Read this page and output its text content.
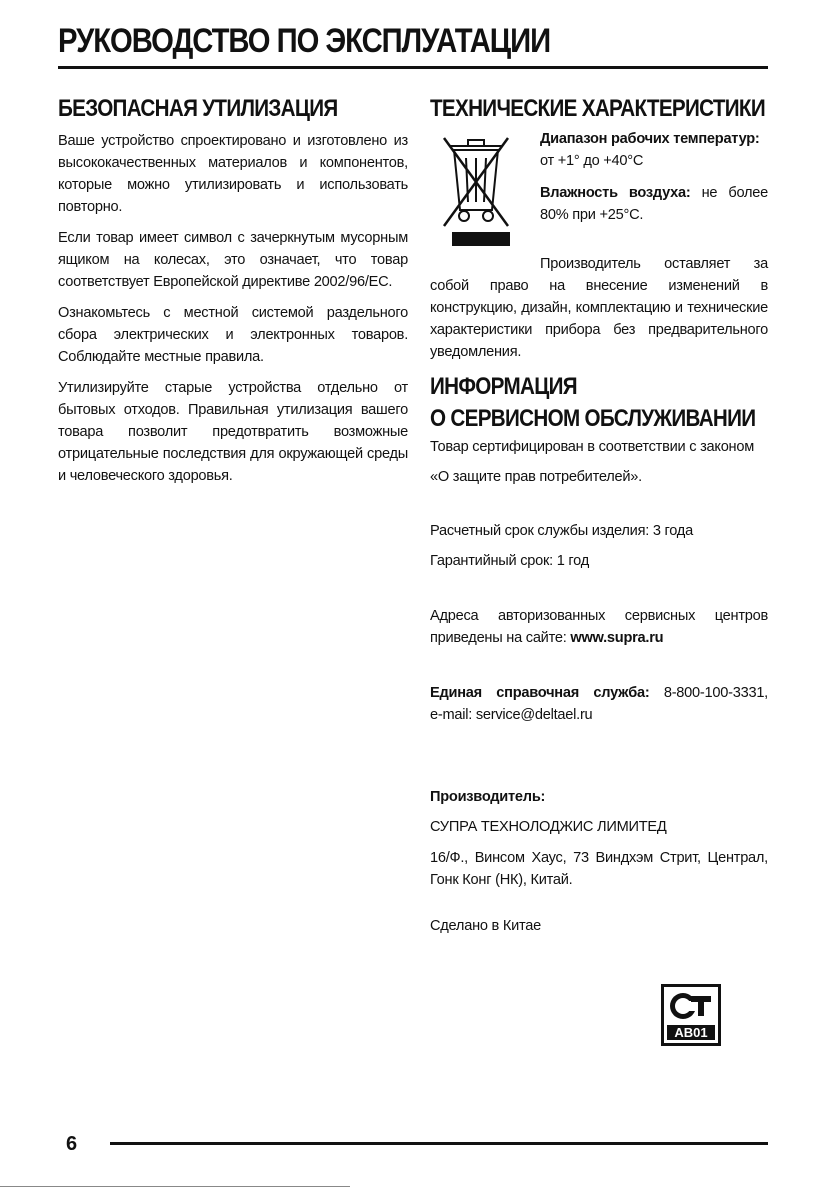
РУКОВОДСТВО ПО ЭКСПЛУАТАЦИИ
БЕЗОПАСНАЯ УТИЛИЗАЦИЯ

Ваше устройство спроектировано и изготовлено из высококачественных материалов и компонентов, которые можно утилизировать и использовать повторно.

Если товар имеет символ с зачеркнутым мусорным ящиком на колесах, это означает, что товар соответствует Европейской директиве 2002/96/EC.

Ознакомьтесь с местной системой раздельного сбора электрических и электронных товаров. Соблюдайте местные правила.

Утилизируйте старые устройства отдельно от бытовых отходов. Правильная утилизация вашего товара позволит предотвратить возможные отрицательные последствия для окружающей среды и человеческого здоровья.

ТЕХНИЧЕСКИЕ ХАРАКТЕРИСТИКИ

Диапазон рабочих температур:

от +1° до +40°С

Влажность воздуха: не более 80% при +25°С.

Производитель оставляет за собой право на внесение изменений в конструкцию, дизайн, комплектацию и технические характеристики прибора без предварительного уведомления.

ИНФОРМАЦИЯ
О СЕРВИСНОМ ОБСЛУЖИВАНИИ

Товар сертифицирован в соответствии с законом

«О защите прав потребителей».

Расчетный срок службы изделия: 3 года

Гарантийный срок: 1 год

Адреса авторизованных сервисных центров приведены на сайте: www.supra.ru

Единая справочная служба: 8-800-100-3331,

e-mail: service@deltael.ru

Производитель:

СУПРА ТЕХНОЛОДЖИС ЛИМИТЕД

16/Ф., Винсом Хаус, 73 Виндхэм Стрит, Централ, Гонк Конг (НК), Китай.

Сделано в Китае

AB01
6
